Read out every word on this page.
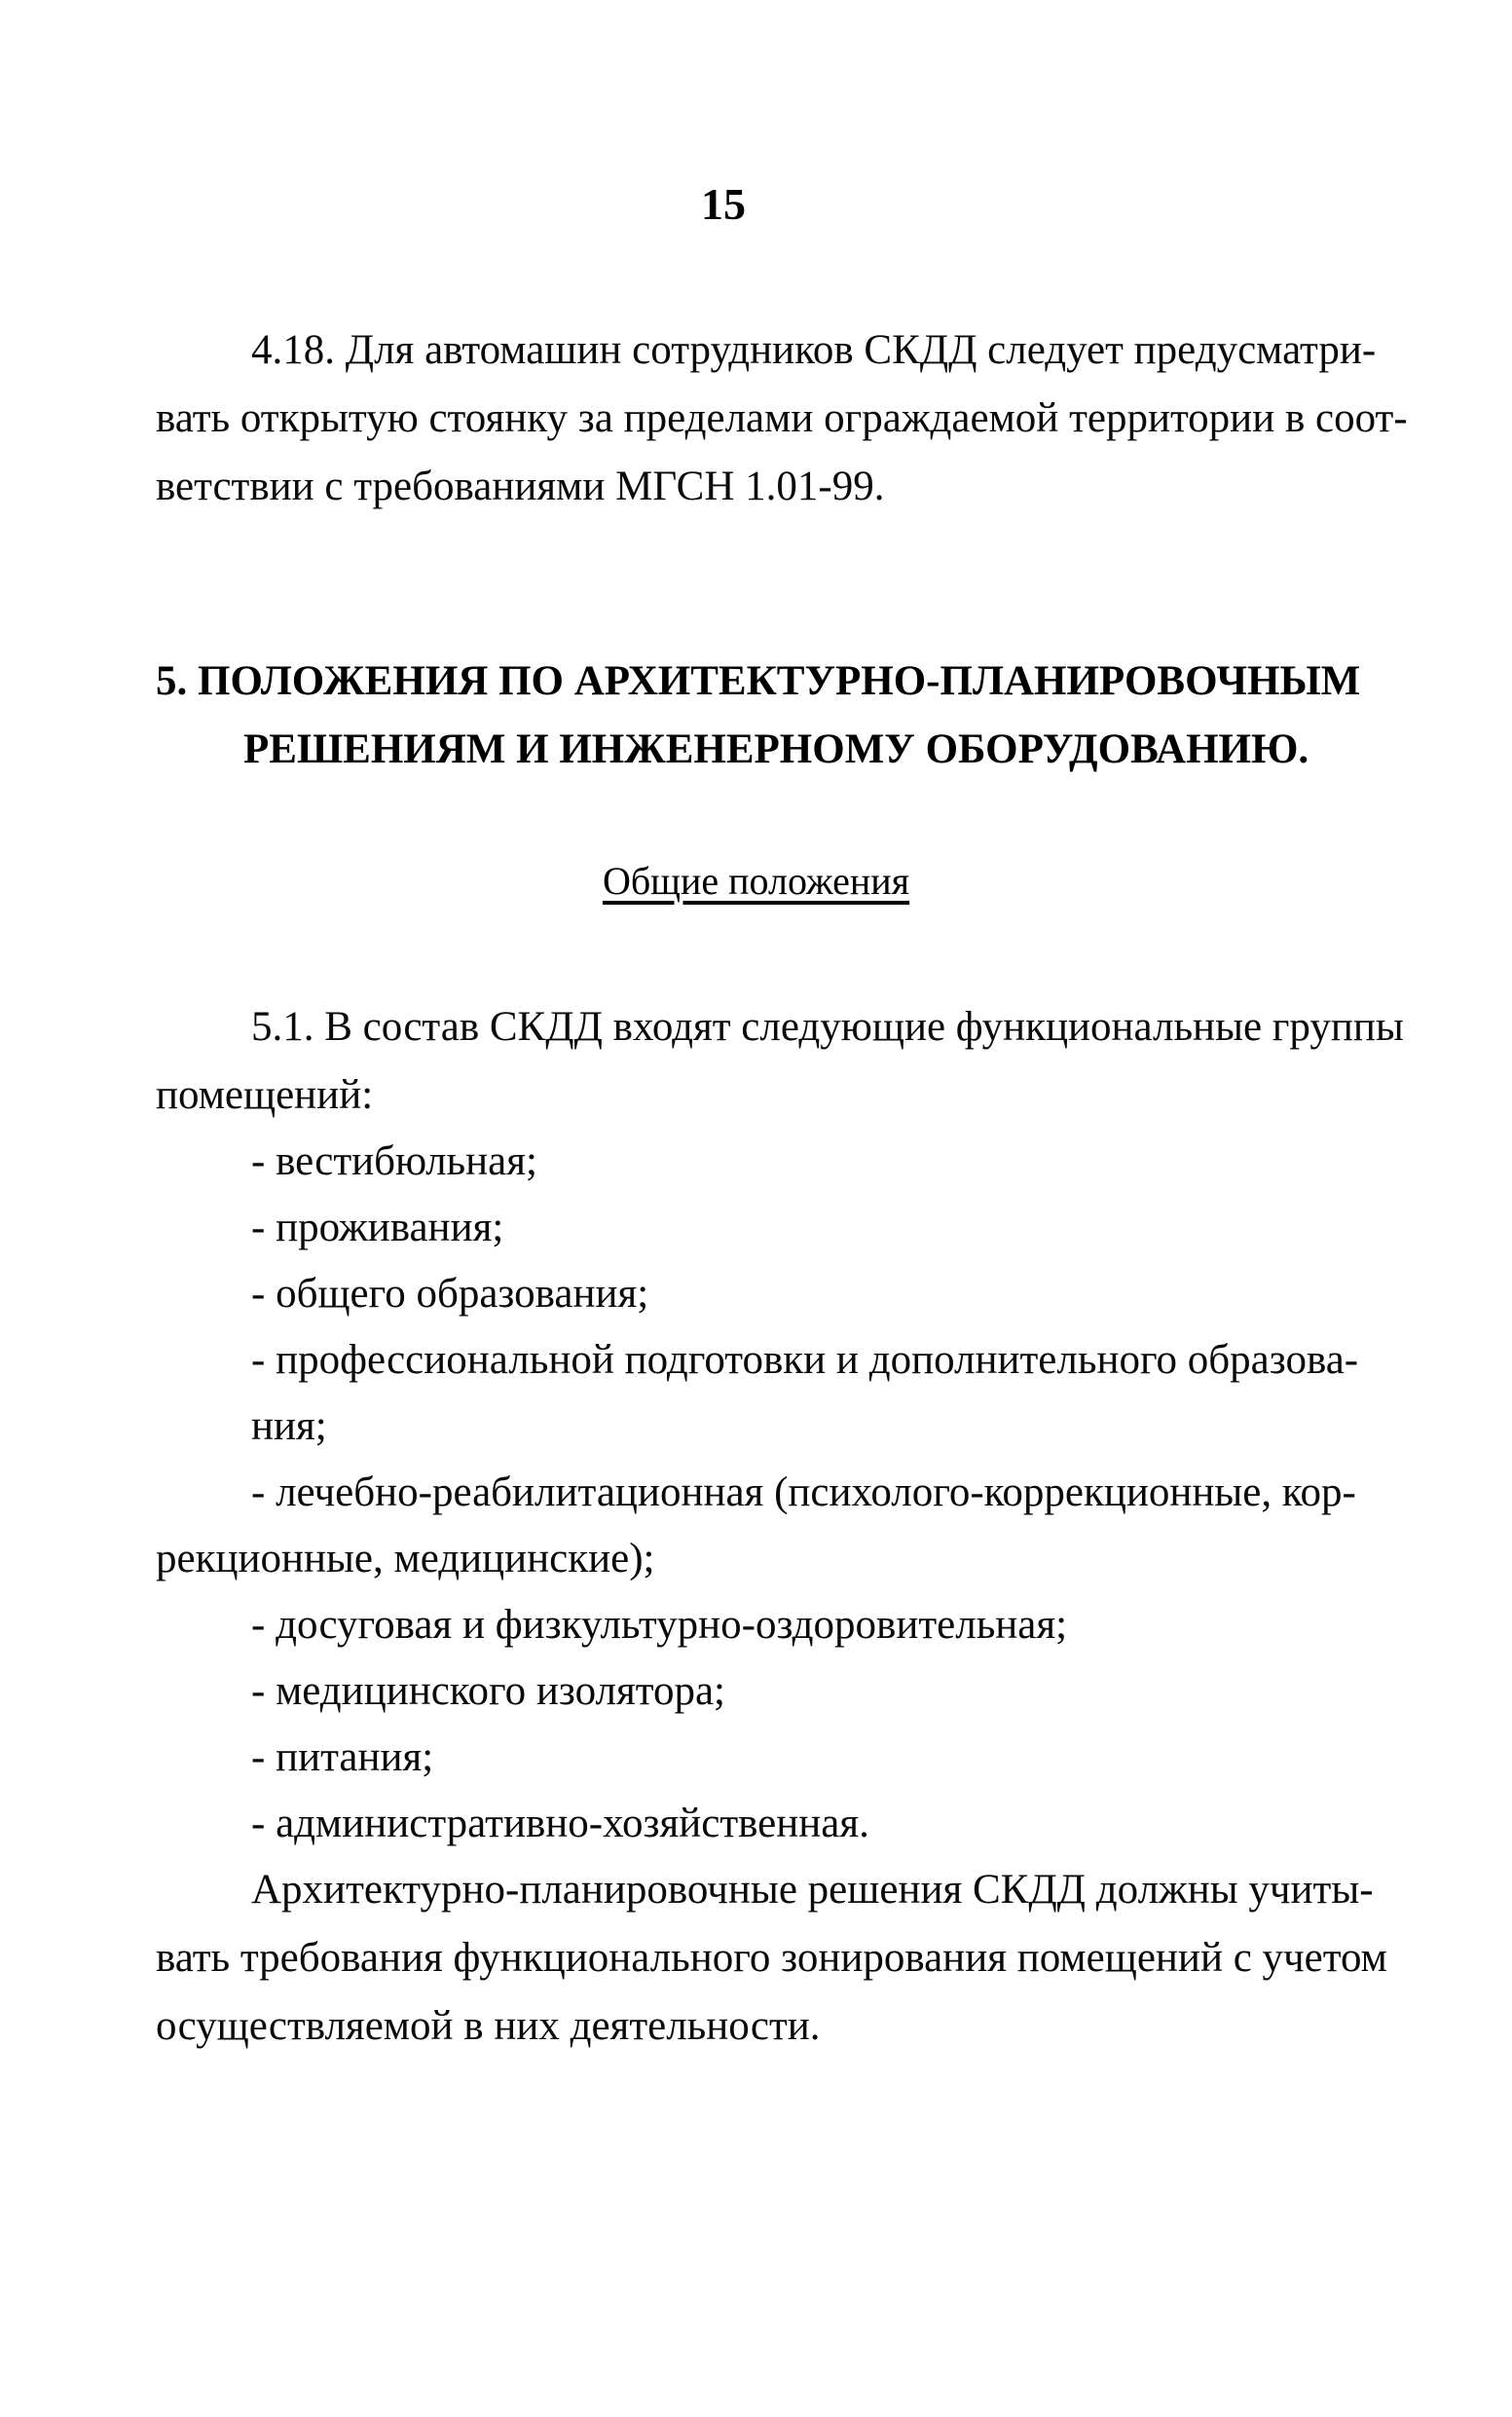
15
4.18. Для автомашин сотрудников СКДД следует предусматри-
вать открытую стоянку за пределами ограждаемой территории в соот-
ветствии с требованиями МГСН 1.01-99.
5. ПОЛОЖЕНИЯ ПО АРХИТЕКТУРНО-ПЛАНИРОВОЧНЫМ
РЕШЕНИЯМ И ИНЖЕНЕРНОМУ ОБОРУДОВАНИЮ.
Общие положения
5.1. В состав СКДД входят следующие функциональные группы
помещений:
- вестибюльная;
- проживания;
- общего образования;
- профессиональной подготовки и дополнительного образова-
ния;
- лечебно-реабилитационная (психолого-коррекционные, кор-
рекционные, медицинские);
- досуговая и физкультурно-оздоровительная;
- медицинского изолятора;
- питания;
- административно-хозяйственная.
Архитектурно-планировочные решения СКДД должны учиты-
вать требования функционального зонирования помещений с учетом
осуществляемой в них деятельности.
